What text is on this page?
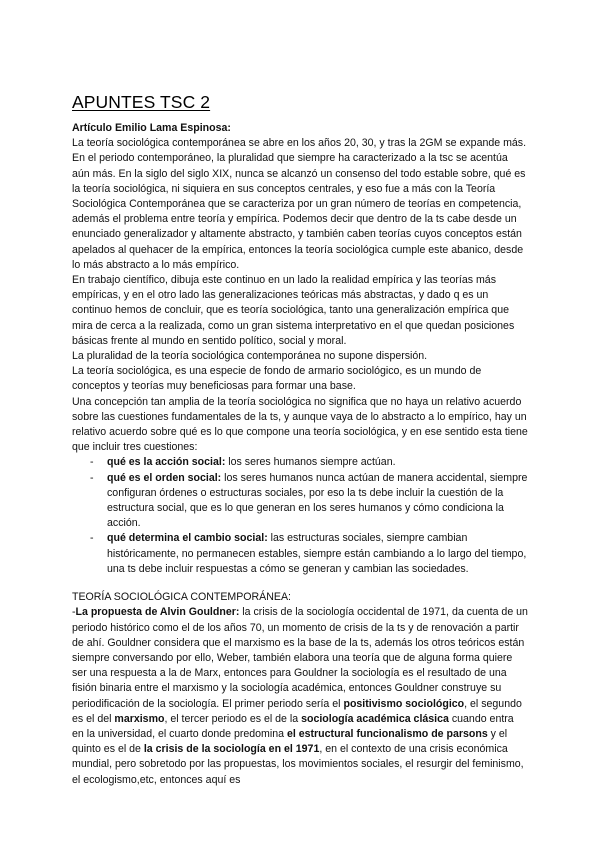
APUNTES TSC 2

Artículo Emilio Lama Espinosa:

La teoría sociológica contemporánea se abre en los años 20, 30, y tras la 2GM se expande más.

En el periodo contemporáneo, la pluralidad que siempre ha caracterizado a la tsc se acentúa aún más. En la siglo del siglo XIX, nunca se alcanzó un consenso del todo estable sobre, qué es la teoría sociológica, ni siquiera en sus conceptos centrales, y eso fue a más con la Teoría Sociológica Contemporánea que se caracteriza por un gran número de teorías en competencia, además el problema entre teoría y empírica. Podemos decir que dentro de la ts cabe desde un enunciado generalizador y altamente abstracto, y también caben teorías cuyos conceptos están apelados al quehacer de la empírica, entonces la teoría sociológica cumple este abanico, desde lo más abstracto a lo más empírico.

En trabajo científico, dibuja este continuo en un lado la realidad empírica y las teorías más empíricas, y en el otro lado las generalizaciones teóricas más abstractas, y dado q es un continuo hemos de concluir, que es teoría sociológica, tanto una generalización empírica que mira de cerca a la realizada, como un gran sistema interpretativo en el que quedan posiciones básicas frente al mundo en sentido político, social y moral.

La pluralidad de la teoría sociológica contemporánea no supone dispersión.

La teoría sociológica, es una especie de fondo de armario sociológico, es un mundo de conceptos y teorías muy beneficiosas para formar una base.

Una concepción tan amplia de la teoría sociológica no significa que no haya un relativo acuerdo sobre las cuestiones fundamentales de la ts, y aunque vaya de lo abstracto a lo empírico, hay un relativo acuerdo sobre qué es lo que compone una teoría sociológica, y en ese sentido esta tiene que incluir tres cuestiones:

- qué es la acción social: los seres humanos siempre actúan.
- qué es el orden social: los seres humanos nunca actúan de manera accidental, siempre configuran órdenes o estructuras sociales, por eso la ts debe incluir la cuestión de la estructura social, que es lo que generan en los seres humanos y cómo condiciona la acción.
- qué determina el cambio social: las estructuras sociales, siempre cambian históricamente, no permanecen estables, siempre están cambiando a lo largo del tiempo, una ts debe incluir respuestas a cómo se generan y cambian las sociedades.

TEORÍA SOCIOLÓGICA CONTEMPORÁNEA:

-La propuesta de Alvin Gouldner: la crisis de la sociología occidental de 1971, da cuenta de un periodo histórico como el de los años 70, un momento de crisis de la ts y de renovación a partir de ahí. Gouldner considera que el marxismo es la base de la ts, además los otros teóricos están siempre conversando por ello, Weber, también elabora una teoría que de alguna forma quiere ser una respuesta a la de Marx, entonces para Gouldner la sociología es el resultado de una fisión binaria entre el marxismo y la sociología académica, entonces Gouldner construye su periodificación de la sociología. El primer periodo sería el positivismo sociológico, el segundo es el del marxismo, el tercer periodo es el de la sociología académica clásica cuando entra en la universidad, el cuarto donde predomina el estructural funcionalismo de parsons y el quinto es el de la crisis de la sociología en el 1971, en el contexto de una crisis económica mundial, pero sobretodo por las propuestas, los movimientos sociales, el resurgir del feminismo, el ecologismo,etc, entonces aquí es
